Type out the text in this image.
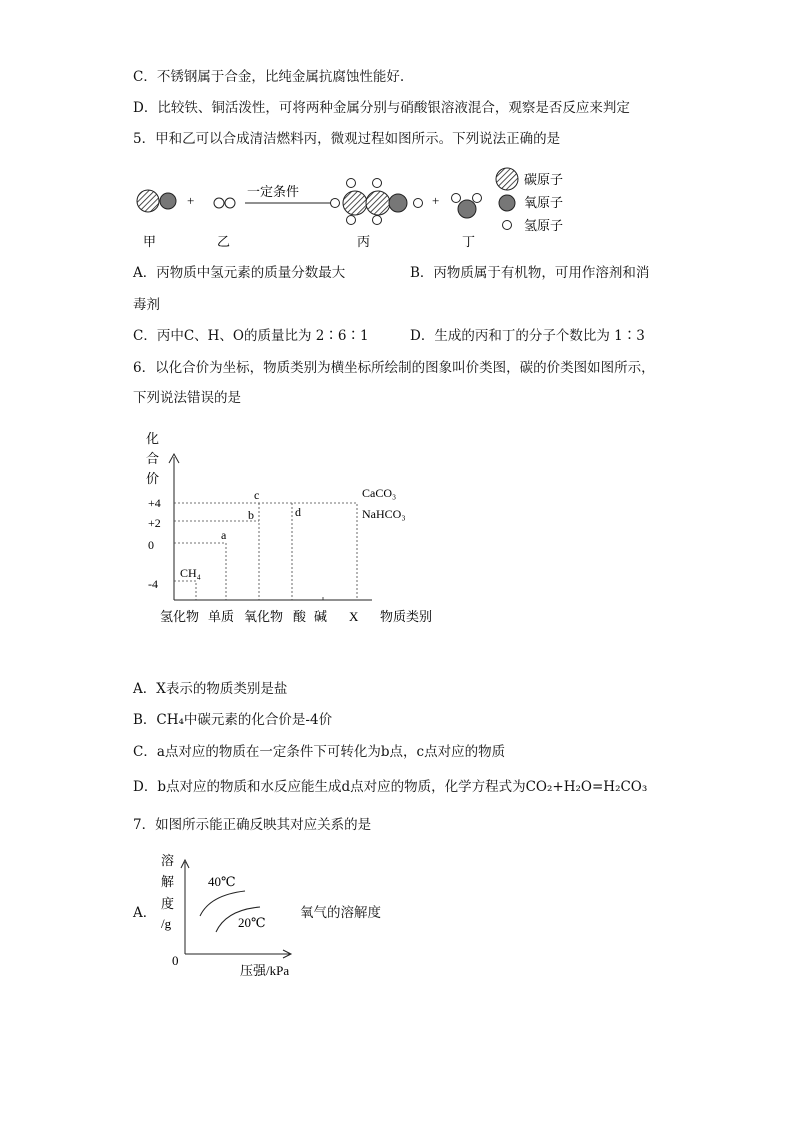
C．不锈钢属于合金，比纯金属抗腐蚀性能好.
D．比较铁、铜活泼性，可将两种金属分别与硝酸银溶液混合，观察是否反应来判定
5．甲和乙可以合成清洁燃料丙，微观过程如图所示。下列说法正确的是
+
一定条件
+
碳原子
氧原子
氢原子
甲	乙	丙	丁
A．丙物质中氢元素的质量分数最大	B．丙物质属于有机物，可用作溶剂和消
毒剂
C．丙中C、H、O的质量比为 2∶6∶1	D．生成的丙和丁的分子个数比为 1∶3
6．以化合价为坐标，物质类别为横坐标所绘制的图象叫价类图，碳的价类图如图所示，
下列说法错误的是
化
合
价
+4
+2
0
-4
CH₄
a
b
c
d
CaCO₃
NaHCO₃
氢化物 单质 氧化物 酸 碱 X 物质类别
A．X表示的物质类别是盐
B．CH₄中碳元素的化合价是-4价
C．a点对应的物质在一定条件下可转化为b点，c点对应的物质
D．b点对应的物质和水反应能生成d点对应的物质，化学方程式为CO₂+H₂O=H₂CO₃
7．如图所示能正确反映其对应关系的是
A．
溶
解
度
/g
0
40℃
20℃
压强/kPa
氧气的溶解度
